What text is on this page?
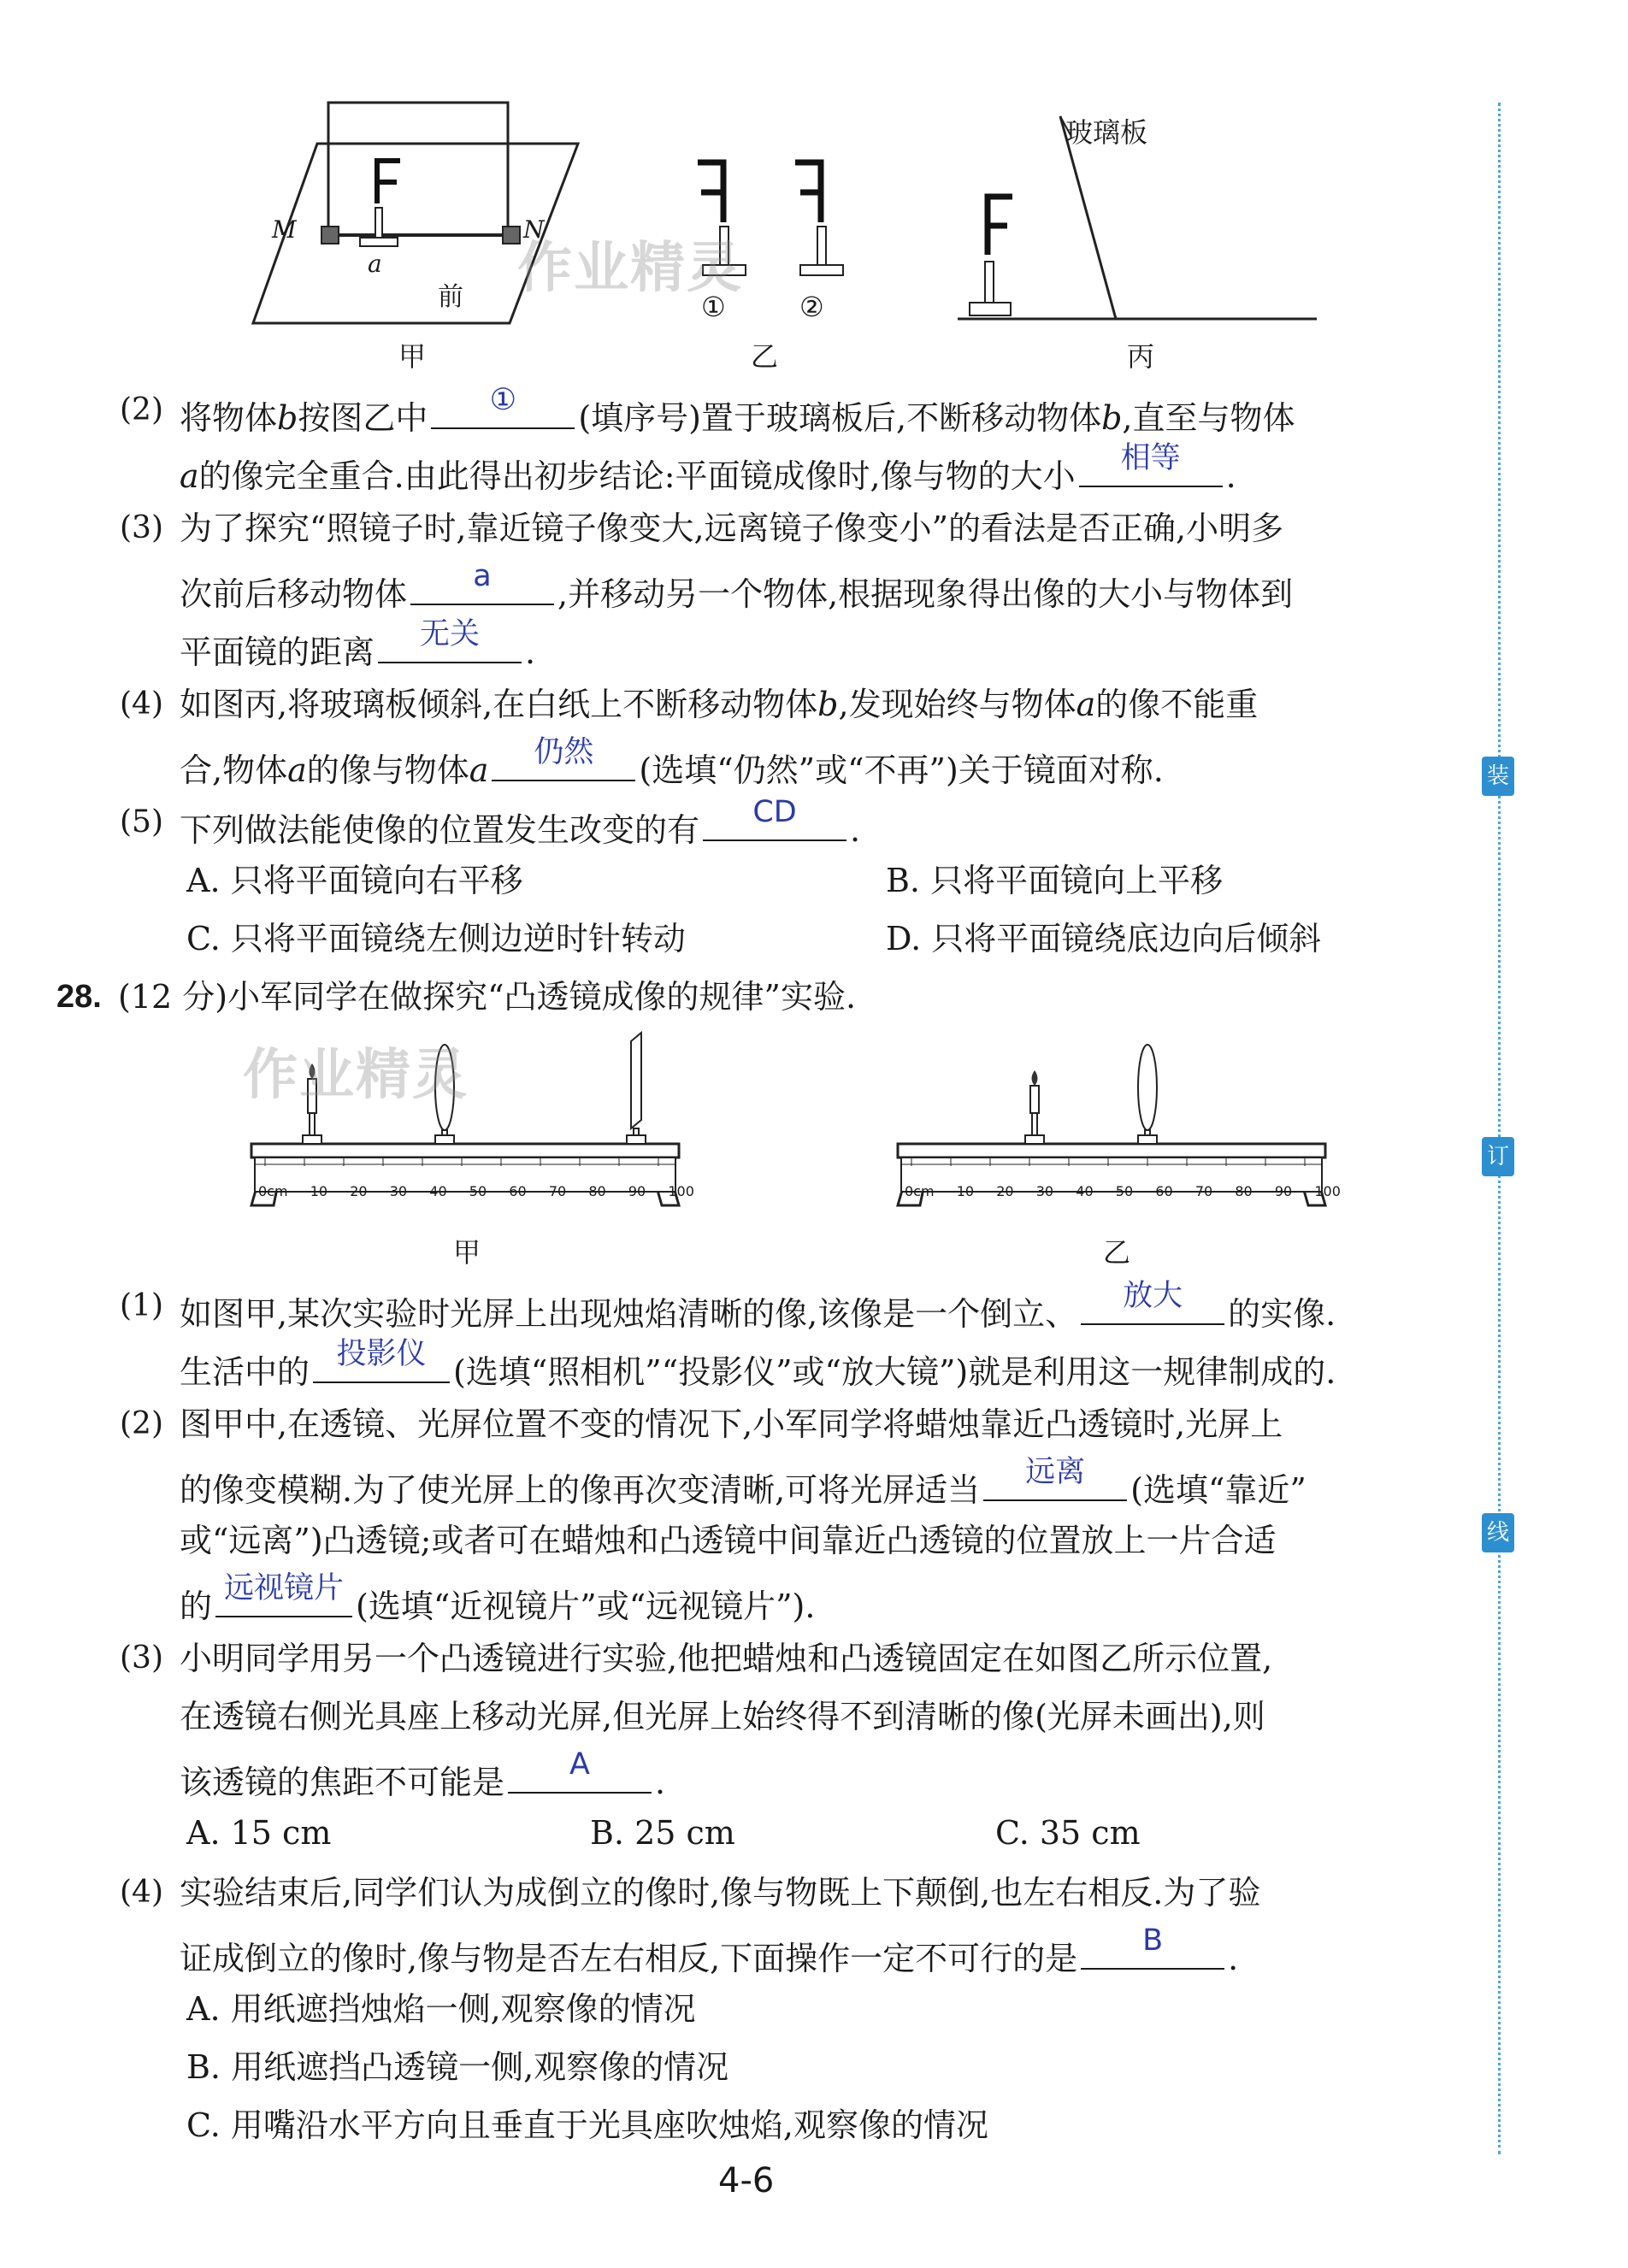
M	N
a
前	①	②
玻璃板
甲	乙	丙
作业精灵
(2) 将物体b按图乙中	①	(填序号)置于玻璃板后,不断移动物体b,直至与物体
a的像完全重合.由此得出初步结论:平面镜成像时,像与物的大小	相等	.
(3) 为了探究“照镜子时,靠近镜子像变大,远离镜子像变小”的看法是否正确,小明多
次前后移动物体	a	,并移动另一个物体,根据现象得出像的大小与物体到
平面镜的距离	无关	.
(4) 如图丙,将玻璃板倾斜,在白纸上不断移动物体b,发现始终与物体a的像不能重
合,物体a的像与物体a	仍然	(选填“仍然”或“不再”)关于镜面对称.
(5) 下列做法能使像的位置发生改变的有	CD	.
A. 只将平面镜向右平移	B. 只将平面镜向上平移
C. 只将平面镜绕左侧边逆时针转动	D. 只将平面镜绕底边向后倾斜
28. (12 分)小军同学在做探究“凸透镜成像的规律”实验.
0cm 10 20 30 40 50 60 70 80 90 100
甲
0cm 10 20 30 40 50 60 70 80 90 100
乙
作业精灵
(1) 如图甲,某次实验时光屏上出现烛焰清晰的像,该像是一个倒立、	放大	的实像.
生活中的 投影仪 (选填“照相机”“投影仪”或“放大镜”)就是利用这一规律制成的.
(2) 图甲中,在透镜、光屏位置不变的情况下,小军同学将蜡烛靠近凸透镜时,光屏上
的像变模糊.为了使光屏上的像再次变清晰,可将光屏适当	远离	(选填“靠近”
或“远离”)凸透镜;或者可在蜡烛和凸透镜中间靠近凸透镜的位置放上一片合适
的 远视镜片 (选填“近视镜片”或“远视镜片”).
(3) 小明同学用另一个凸透镜进行实验,他把蜡烛和凸透镜固定在如图乙所示位置,
在透镜右侧光具座上移动光屏,但光屏上始终得不到清晰的像(光屏未画出),则
该透镜的焦距不可能是	A	.
A. 15 cm	B. 25 cm	C. 35 cm
(4) 实验结束后,同学们认为成倒立的像时,像与物既上下颠倒,也左右相反.为了验
证成倒立的像时,像与物是否左右相反,下面操作一定不可行的是	B	.
A. 用纸遮挡烛焰一侧,观察像的情况
B. 用纸遮挡凸透镜一侧,观察像的情况
C. 用嘴沿水平方向且垂直于光具座吹烛焰,观察像的情况
装
订
线
4-6
